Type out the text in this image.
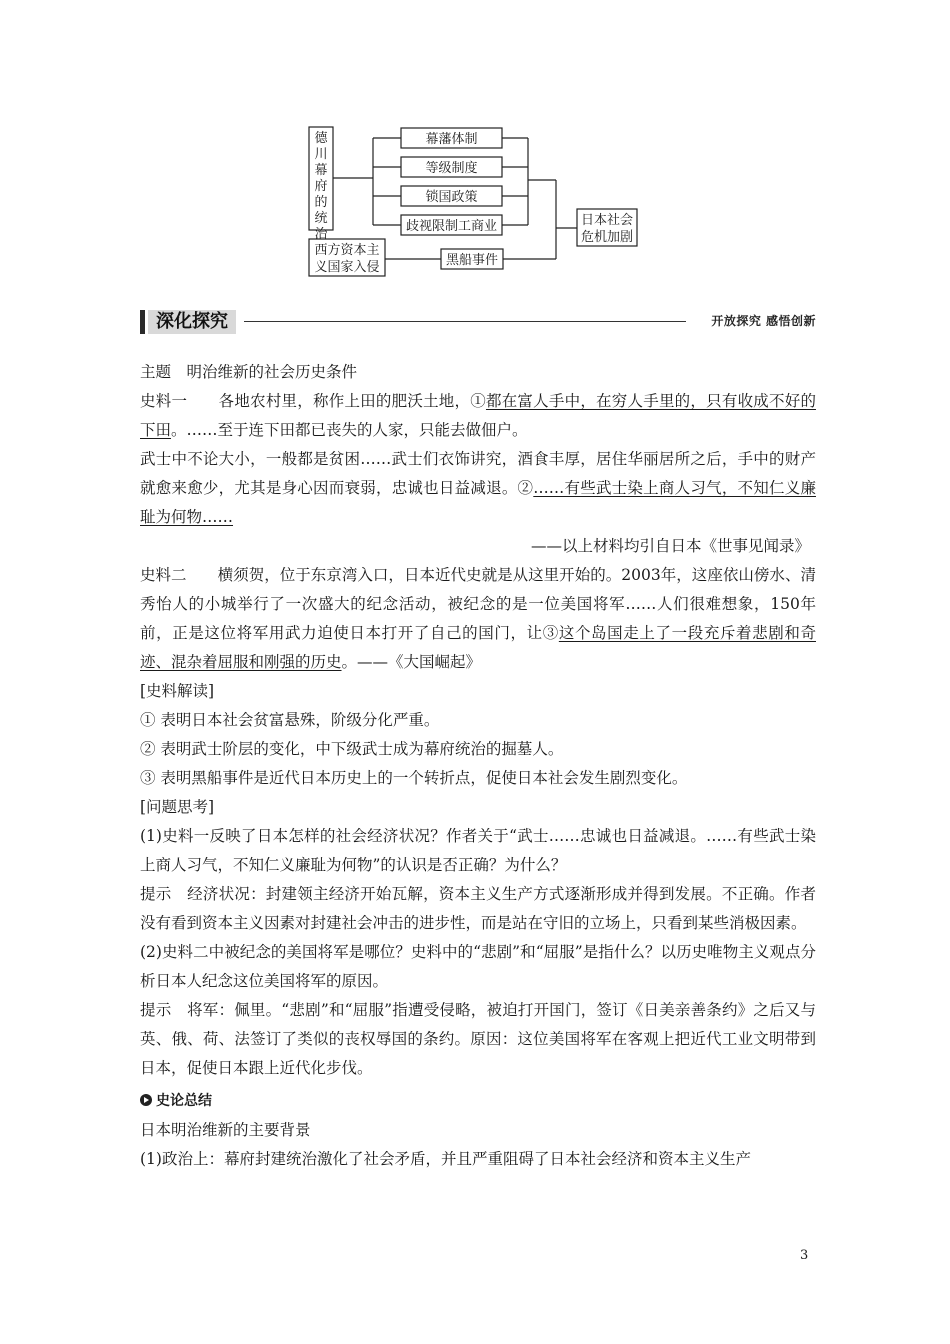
德
川
幕
府
的
统
治
幕藩体制
等级制度
锁国政策
歧视限制工商业
西方资本主
义国家入侵	黑船事件
日本社会
危机加剧
深化探究	开放探究 感悟创新

主题　明治维新的社会历史条件

史料一　　 各地农村里，称作上田的肥沃土地，①都在富人手中，在穷人手里的，只有收成不好的下田。……至于连下田都已丧失的人家，只能去做佃户。

武士中不论大小，一般都是贫困……武士们衣饰讲究，酒食丰厚，居住华丽居所之后，手中的财产就愈来愈少，尤其是身心因而衰弱，忠诚也日益减退。②……有些武士染上商人习气，不知仁义廉耻为何物……

——以上材料均引自日本《世事见闻录》

史料二　　 横须贺，位于东京湾入口，日本近代史就是从这里开始的。2003年，这座依山傍水、清秀怡人的小城举行了一次盛大的纪念活动，被纪念的是一位美国将军……人们很难想象，150年前，正是这位将军用武力迫使日本打开了自己的国门，让③这个岛国走上了一段充斥着悲剧和奇迹、混杂着屈服和刚强的历史。——《大国崛起》

[史料解读]

① 表明日本社会贫富悬殊，阶级分化严重。

② 表明武士阶层的变化，中下级武士成为幕府统治的掘墓人。

③ 表明黑船事件是近代日本历史上的一个转折点，促使日本社会发生剧烈变化。

[问题思考]

(1)史料一反映了日本怎样的社会经济状况？作者关于“武士……忠诚也日益减退。……有些武士染上商人习气，不知仁义廉耻为何物”的认识是否正确？为什么？

提示　经济状况：封建领主经济开始瓦解，资本主义生产方式逐渐形成并得到发展。不正确。作者没有看到资本主义因素对封建社会冲击的进步性，而是站在守旧的立场上，只看到某些消极因素。

(2)史料二中被纪念的美国将军是哪位？史料中的“悲剧”和“屈服”是指什么？以历史唯物主义观点分析日本人纪念这位美国将军的原因。

提示　将军：佩里。“悲剧”和“屈服”指遭受侵略，被迫打开国门，签订《日美亲善条约》之后又与英、俄、荷、法签订了类似的丧权辱国的条约。原因：这位美国将军在客观上把近代工业文明带到日本，促使日本跟上近代化步伐。

史论总结

日本明治维新的主要背景

(1)政治上：幕府封建统治激化了社会矛盾，并且严重阻碍了日本社会经济和资本主义生产

3
